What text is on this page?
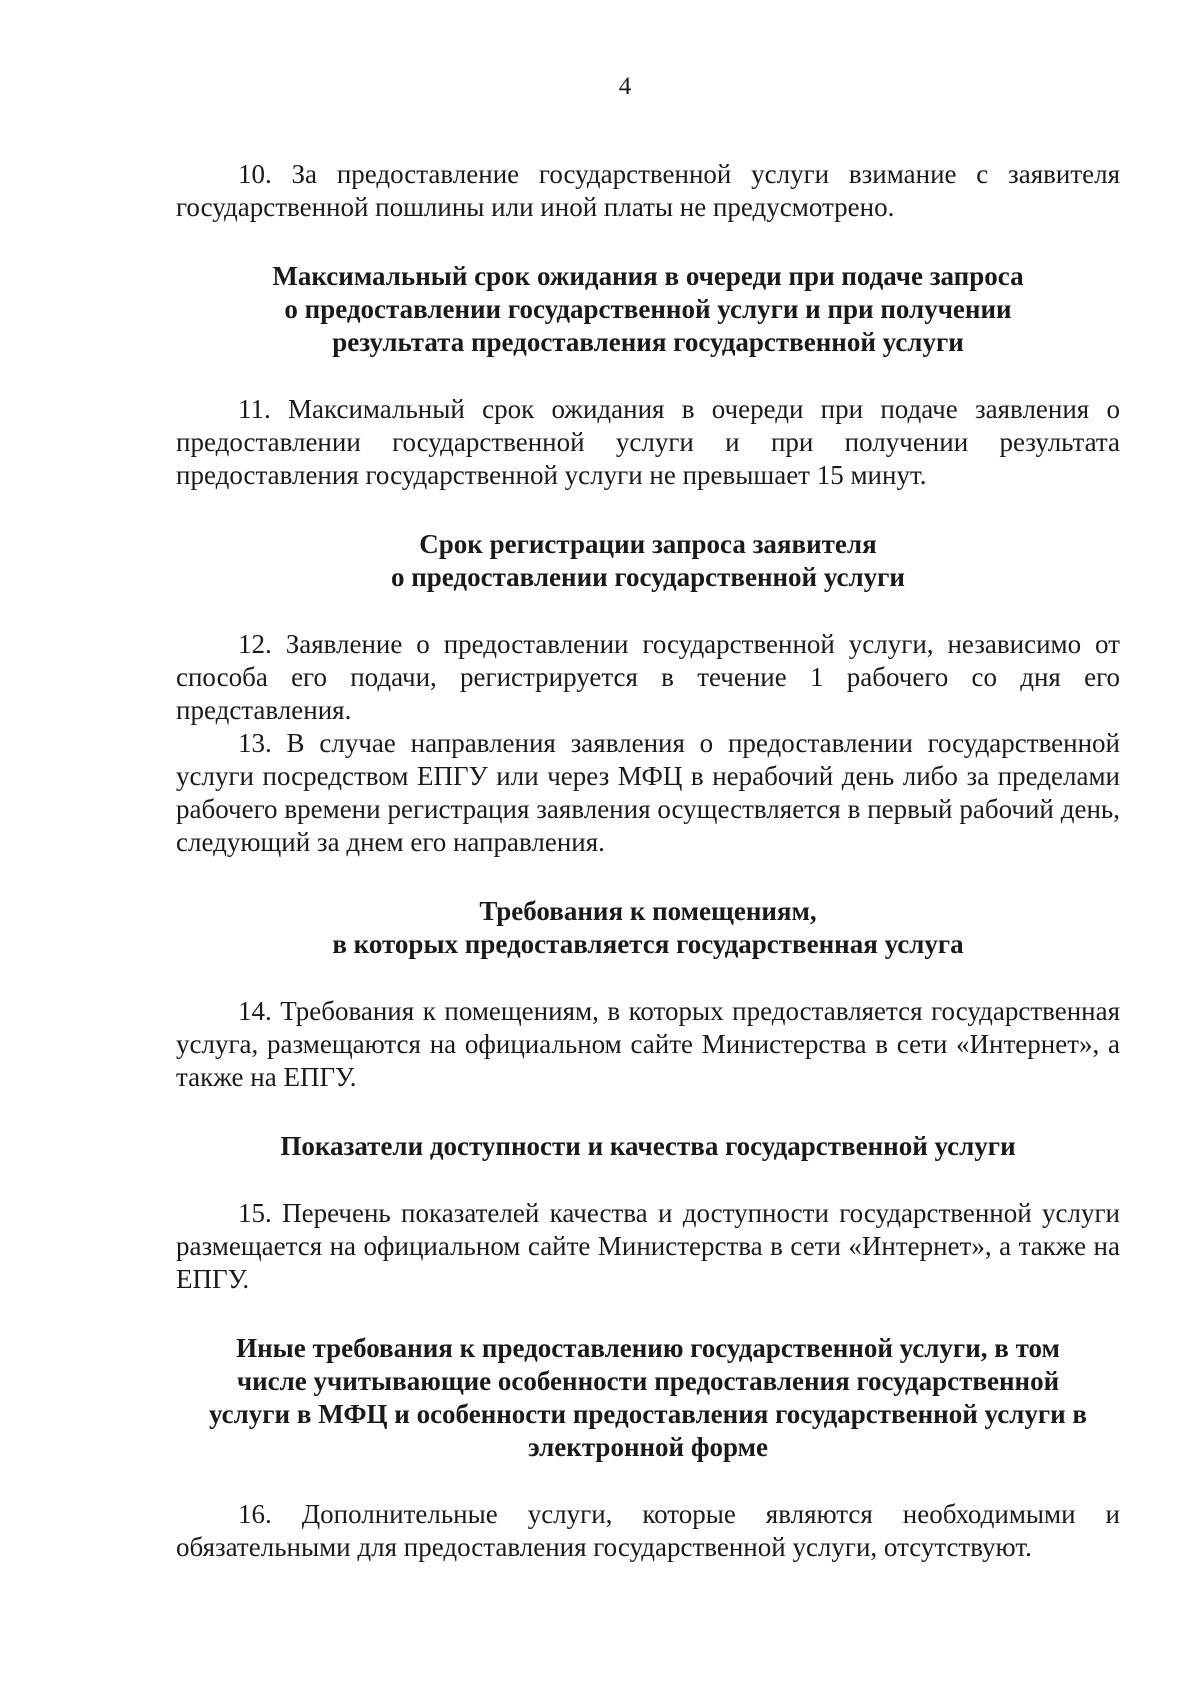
4

10. За предоставление государственной услуги взимание с заявителя государственной пошлины или иной платы не предусмотрено.

Максимальный срок ожидания в очереди при подаче запроса
о предоставлении государственной услуги и при получении
результата предоставления государственной услуги

11. Максимальный срок ожидания в очереди при подаче заявления о предоставлении государственной услуги и при получении результата предоставления государственной услуги не превышает 15 минут.

Срок регистрации запроса заявителя
о предоставлении государственной услуги

12. Заявление о предоставлении государственной услуги, независимо от способа его подачи, регистрируется в течение 1 рабочего со дня его представления.

13. В случае направления заявления о предоставлении государственной услуги посредством ЕПГУ или через МФЦ в нерабочий день либо за пределами рабочего времени регистрация заявления осуществляется в первый рабочий день, следующий за днем его направления.

Требования к помещениям,
в которых предоставляется государственная услуга

14. Требования к помещениям, в которых предоставляется государственная услуга, размещаются на официальном сайте Министерства в сети «Интернет», а также на ЕПГУ.

Показатели доступности и качества государственной услуги

15. Перечень показателей качества и доступности государственной услуги размещается на официальном сайте Министерства в сети «Интернет», а также на ЕПГУ.

Иные требования к предоставлению государственной услуги, в том
числе учитывающие особенности предоставления государственной
услуги в МФЦ и особенности предоставления государственной услуги в
электронной форме

16. Дополнительные услуги, которые являются необходимыми и обязательными для предоставления государственной услуги, отсутствуют.
